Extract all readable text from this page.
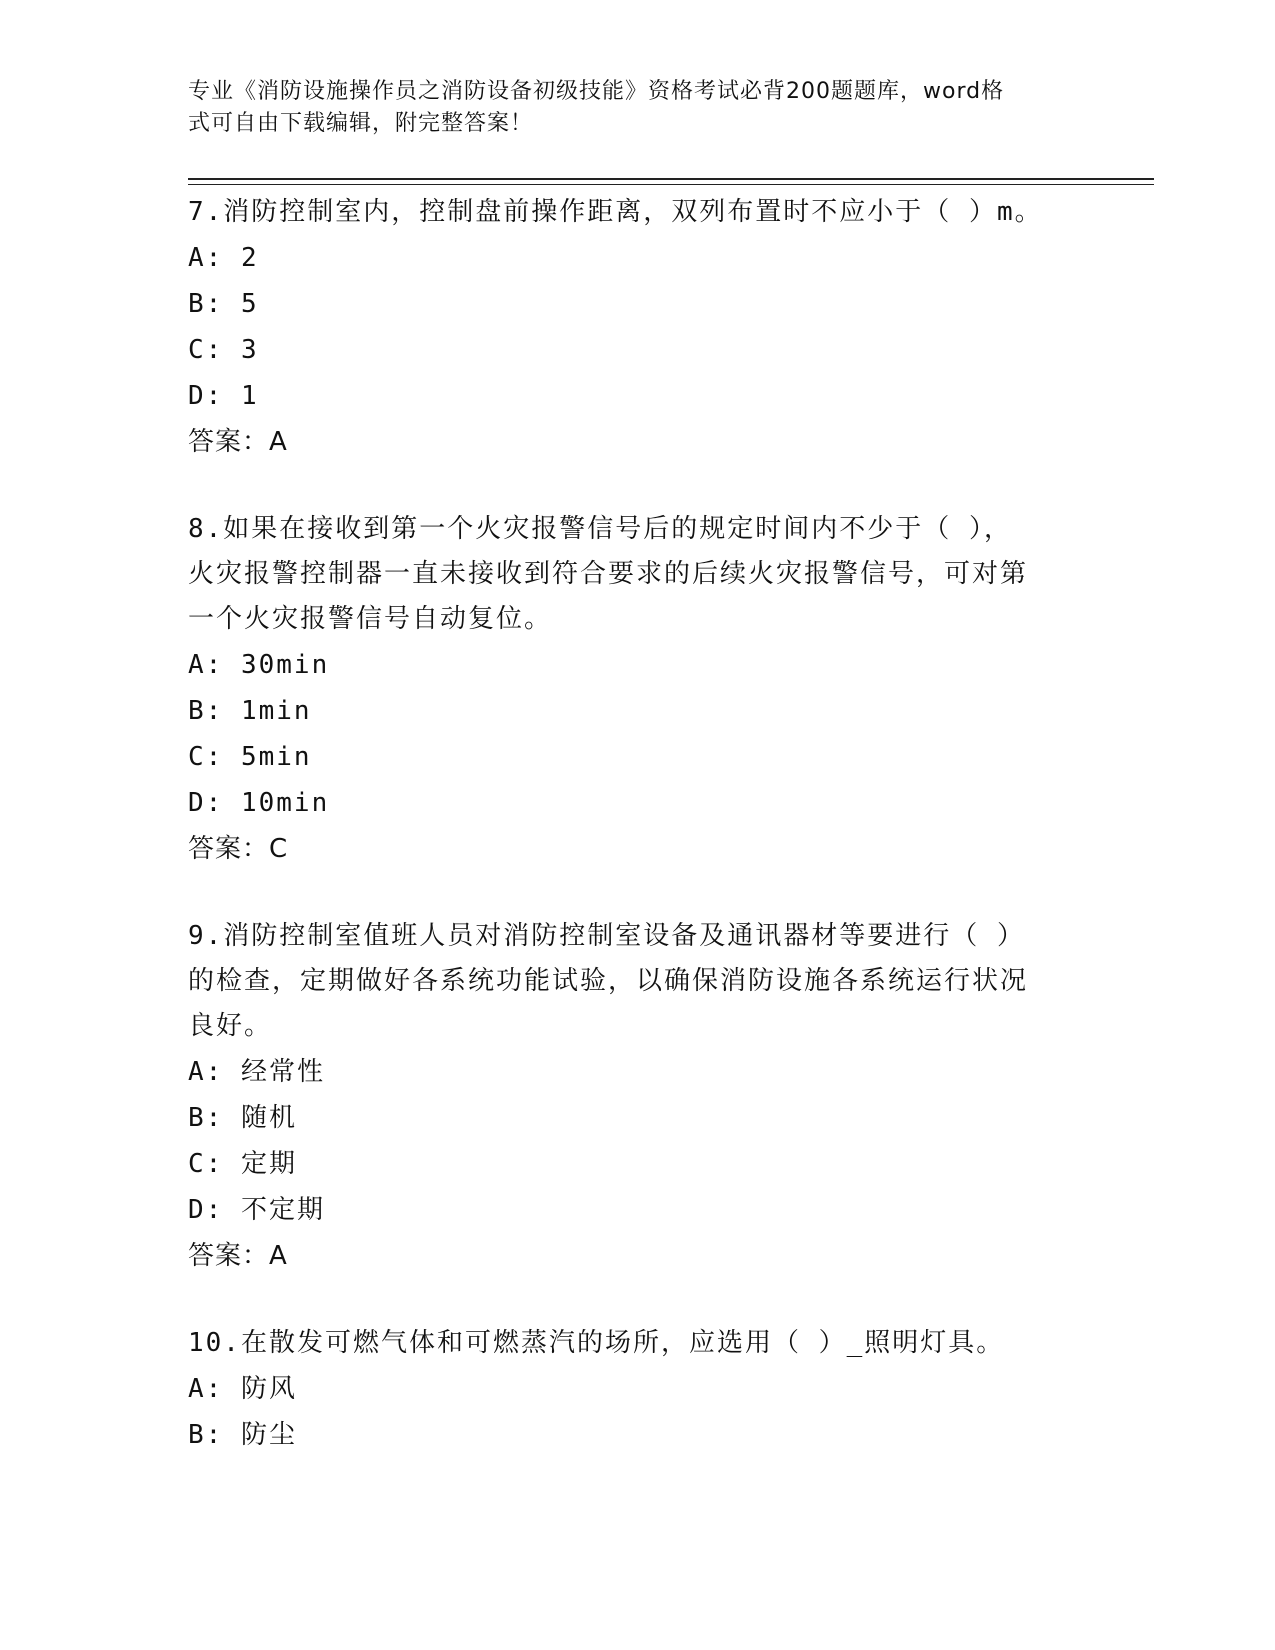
专业《消防设施操作员之消防设备初级技能》资格考试必背200题题库，word格
式可自由下载编辑，附完整答案！
7.消防控制室内，控制盘前操作距离，双列布置时不应小于（ ）m。
A: 2
B: 5
C: 3
D: 1
答案：A
8.如果在接收到第一个火灾报警信号后的规定时间内不少于（ ），
火灾报警控制器一直未接收到符合要求的后续火灾报警信号，可对第
一个火灾报警信号自动复位。
A: 30min
B: 1min
C: 5min
D: 10min
答案：C
9.消防控制室值班人员对消防控制室设备及通讯器材等要进行（ ）
的检查，定期做好各系统功能试验，以确保消防设施各系统运行状况
良好。
A: 经常性
B: 随机
C: 定期
D: 不定期
答案：A
10.在散发可燃气体和可燃蒸汽的场所，应选用（ ）_照明灯具。
A: 防风
B: 防尘
